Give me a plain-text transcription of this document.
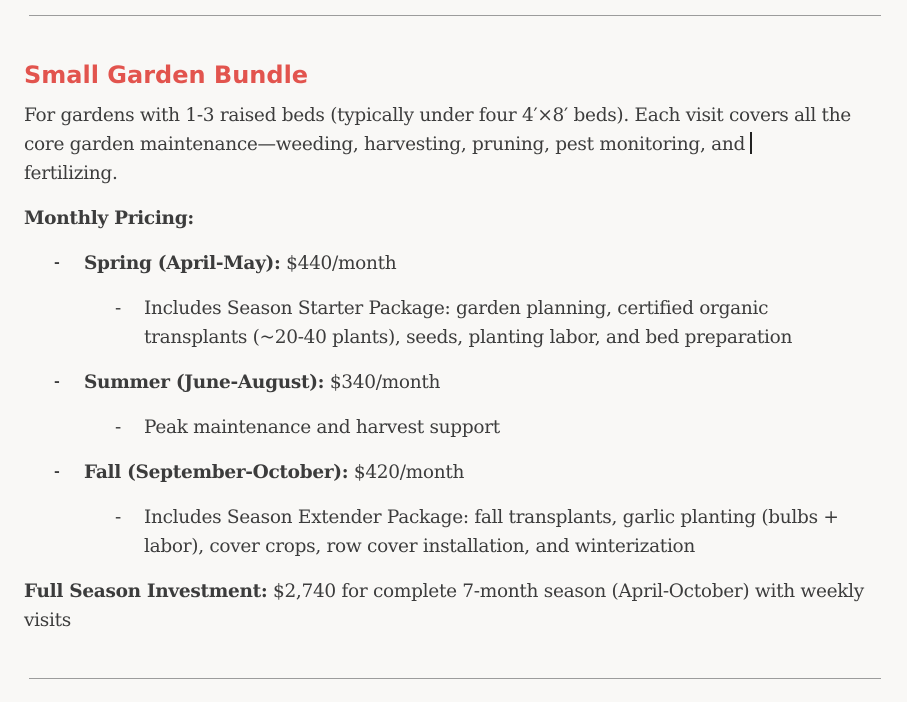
Small Garden Bundle

For gardens with 1-3 raised beds (typically under four 4′×8′ beds). Each visit covers all the core garden maintenance—weeding, harvesting, pruning, pest monitoring, and
fertilizing.

Monthly Pricing:

- Spring (April-May): $440/month
- Includes Season Starter Package: garden planning, certified organic transplants (~20-40 plants), seeds, planting labor, and bed preparation
- Summer (June-August): $340/month
- Peak maintenance and harvest support
- Fall (September-October): $420/month
- Includes Season Extender Package: fall transplants, garlic planting (bulbs + labor), cover crops, row cover installation, and winterization

Full Season Investment: $2,740 for complete 7-month season (April-October) with weekly visits
